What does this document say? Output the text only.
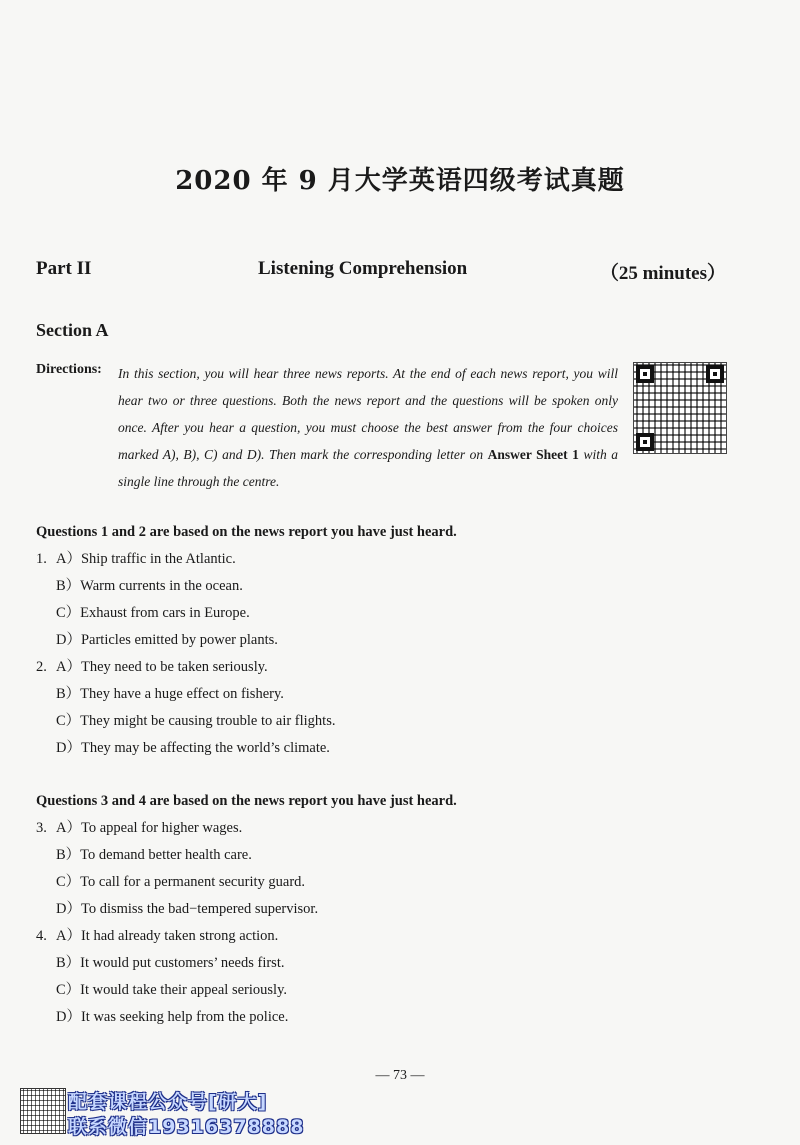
2020 年 9 月大学英语四级考试真题
Part II	Listening Comprehension	（25 minutes）
Section A
Directions: In this section, you will hear three news reports. At the end of each news report, you will hear two or three questions. Both the news report and the questions will be spoken only once. After you hear a question, you must choose the best answer from the four choices marked A), B), C) and D). Then mark the corresponding letter on Answer Sheet 1 with a single line through the centre.
Questions 1 and 2 are based on the news report you have just heard.
1. A）Ship traffic in the Atlantic.
B）Warm currents in the ocean.
C）Exhaust from cars in Europe.
D）Particles emitted by power plants.
2. A）They need to be taken seriously.
B）They have a huge effect on fishery.
C）They might be causing trouble to air flights.
D）They may be affecting the world’s climate.
Questions 3 and 4 are based on the news report you have just heard.
3. A）To appeal for higher wages.
B）To demand better health care.
C）To call for a permanent security guard.
D）To dismiss the bad−tempered supervisor.
4. A）It had already taken strong action.
B）It would put customers’ needs first.
C）It would take their appeal seriously.
D）It was seeking help from the police.
— 73 —
配套课程公众号[研大]
联系微信19316378888
